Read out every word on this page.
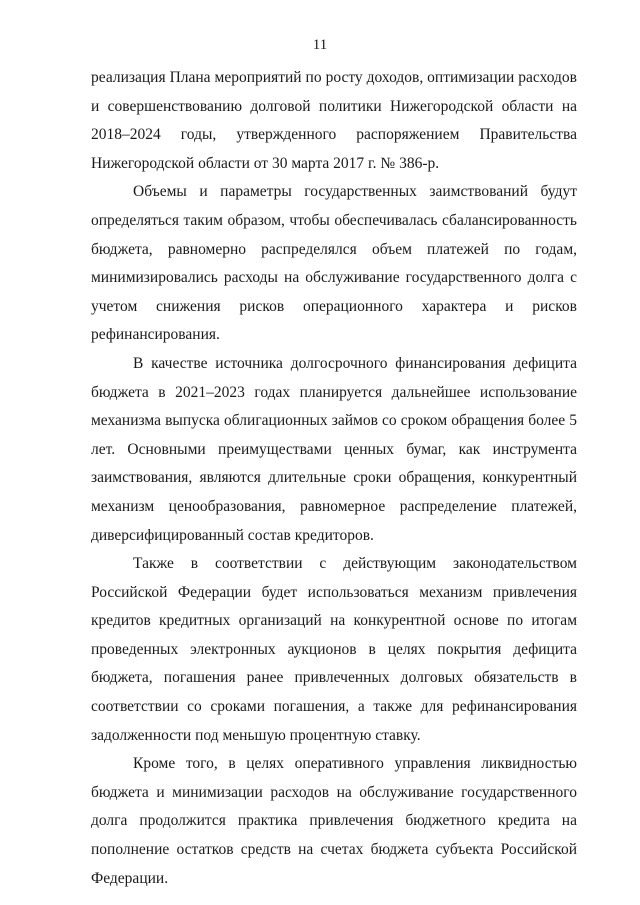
11

реализация Плана мероприятий по росту доходов, оптимизации расходов и совершенствованию долговой политики Нижегородской области на 2018–2024 годы, утвержденного распоряжением Правительства Нижегородской области от 30 марта 2017 г. № 386-р.

Объемы и параметры государственных заимствований будут определяться таким образом, чтобы обеспечивалась сбалансированность бюджета, равномерно распределялся объем платежей по годам, минимизировались расходы на обслуживание государственного долга с учетом снижения рисков операционного характера и рисков рефинансирования.

В качестве источника долгосрочного финансирования дефицита бюджета в 2021–2023 годах планируется дальнейшее использование механизма выпуска облигационных займов со сроком обращения более 5 лет. Основными преимуществами ценных бумаг, как инструмента заимствования, являются длительные сроки обращения, конкурентный механизм ценообразования, равномерное распределение платежей, диверсифицированный состав кредиторов.

Также в соответствии с действующим законодательством Российской Федерации будет использоваться механизм привлечения кредитов кредитных организаций на конкурентной основе по итогам проведенных электронных аукционов в целях покрытия дефицита бюджета, погашения ранее привлеченных долговых обязательств в соответствии со сроками погашения, а также для рефинансирования задолженности под меньшую процентную ставку.

Кроме того, в целях оперативного управления ликвидностью бюджета и минимизации расходов на обслуживание государственного долга продолжится практика привлечения бюджетного кредита на пополнение остатков средств на счетах бюджета субъекта Российской Федерации.
